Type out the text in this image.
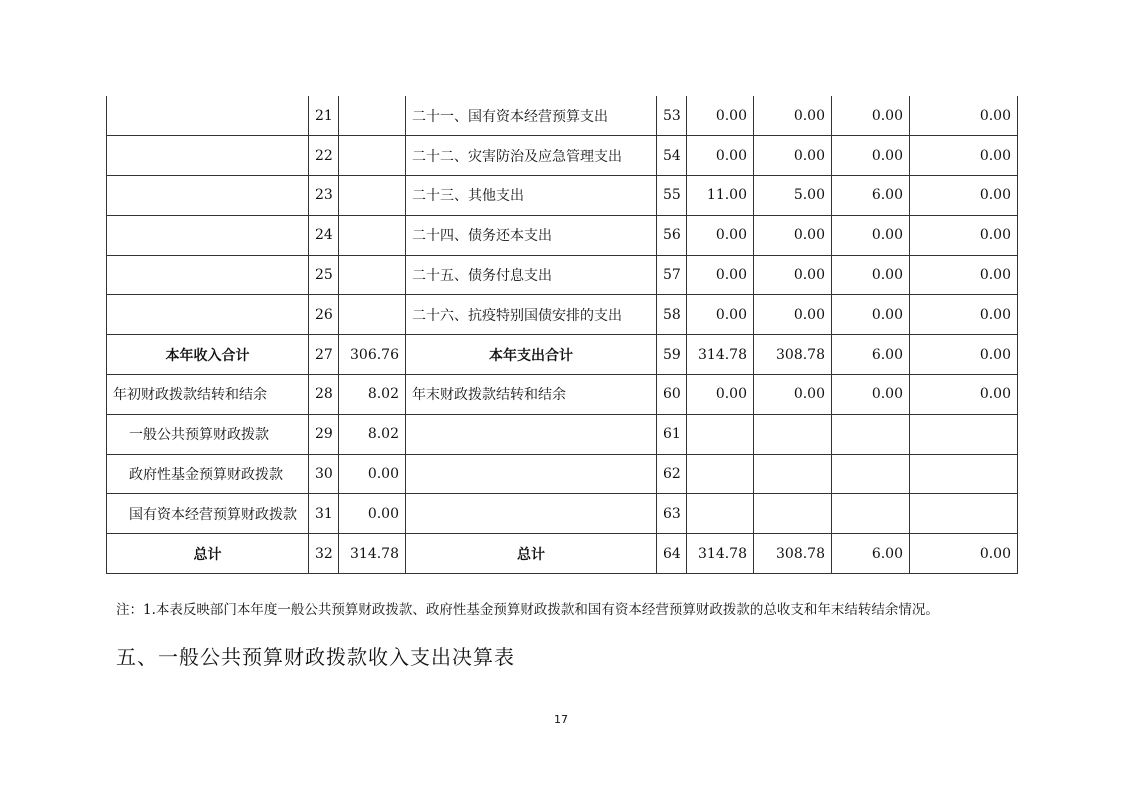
	21		二十一、国有资本经营预算支出	53	0.00	0.00	0.00	0.00
	22		二十二、灾害防治及应急管理支出	54	0.00	0.00	0.00	0.00
	23		二十三、其他支出	55	11.00	5.00	6.00	0.00
	24		二十四、债务还本支出	56	0.00	0.00	0.00	0.00
	25		二十五、债务付息支出	57	0.00	0.00	0.00	0.00
	26		二十六、抗疫特别国债安排的支出	58	0.00	0.00	0.00	0.00
本年收入合计	27	306.76	本年支出合计	59	314.78	308.78	6.00	0.00
年初财政拨款结转和结余	28	8.02	年末财政拨款结转和结余	60	0.00	0.00	0.00	0.00
一般公共预算财政拨款	29	8.02		61				
政府性基金预算财政拨款	30	0.00		62				
国有资本经营预算财政拨款	31	0.00		63				
总计	32	314.78	总计	64	314.78	308.78	6.00	0.00
注：1.本表反映部门本年度一般公共预算财政拨款、政府性基金预算财政拨款和国有资本经营预算财政拨款的总收支和年末结转结余情况。
五、一般公共预算财政拨款收入支出决算表
17
